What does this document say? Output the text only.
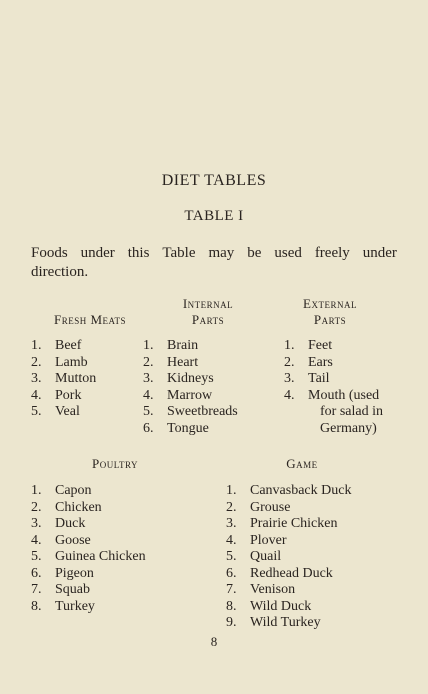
DIET TABLES
TABLE I
Foods under this Table may be used freely under
direction.
Fresh Meats
Internal
Parts
External
Parts
1. Beef
2. Lamb
3. Mutton
4. Pork
5. Veal
1. Brain
2. Heart
3. Kidneys
4. Marrow
5. Sweetbreads
6. Tongue
1. Feet
2. Ears
3. Tail
4. Mouth (used
for salad in
Germany)
Poultry	Game
1. Capon
2. Chicken
3. Duck
4. Goose
5. Guinea Chicken
6. Pigeon
7. Squab
8. Turkey
1. Canvasback Duck
2. Grouse
3. Prairie Chicken
4. Plover
5. Quail
6. Redhead Duck
7. Venison
8. Wild Duck
9. Wild Turkey
8
